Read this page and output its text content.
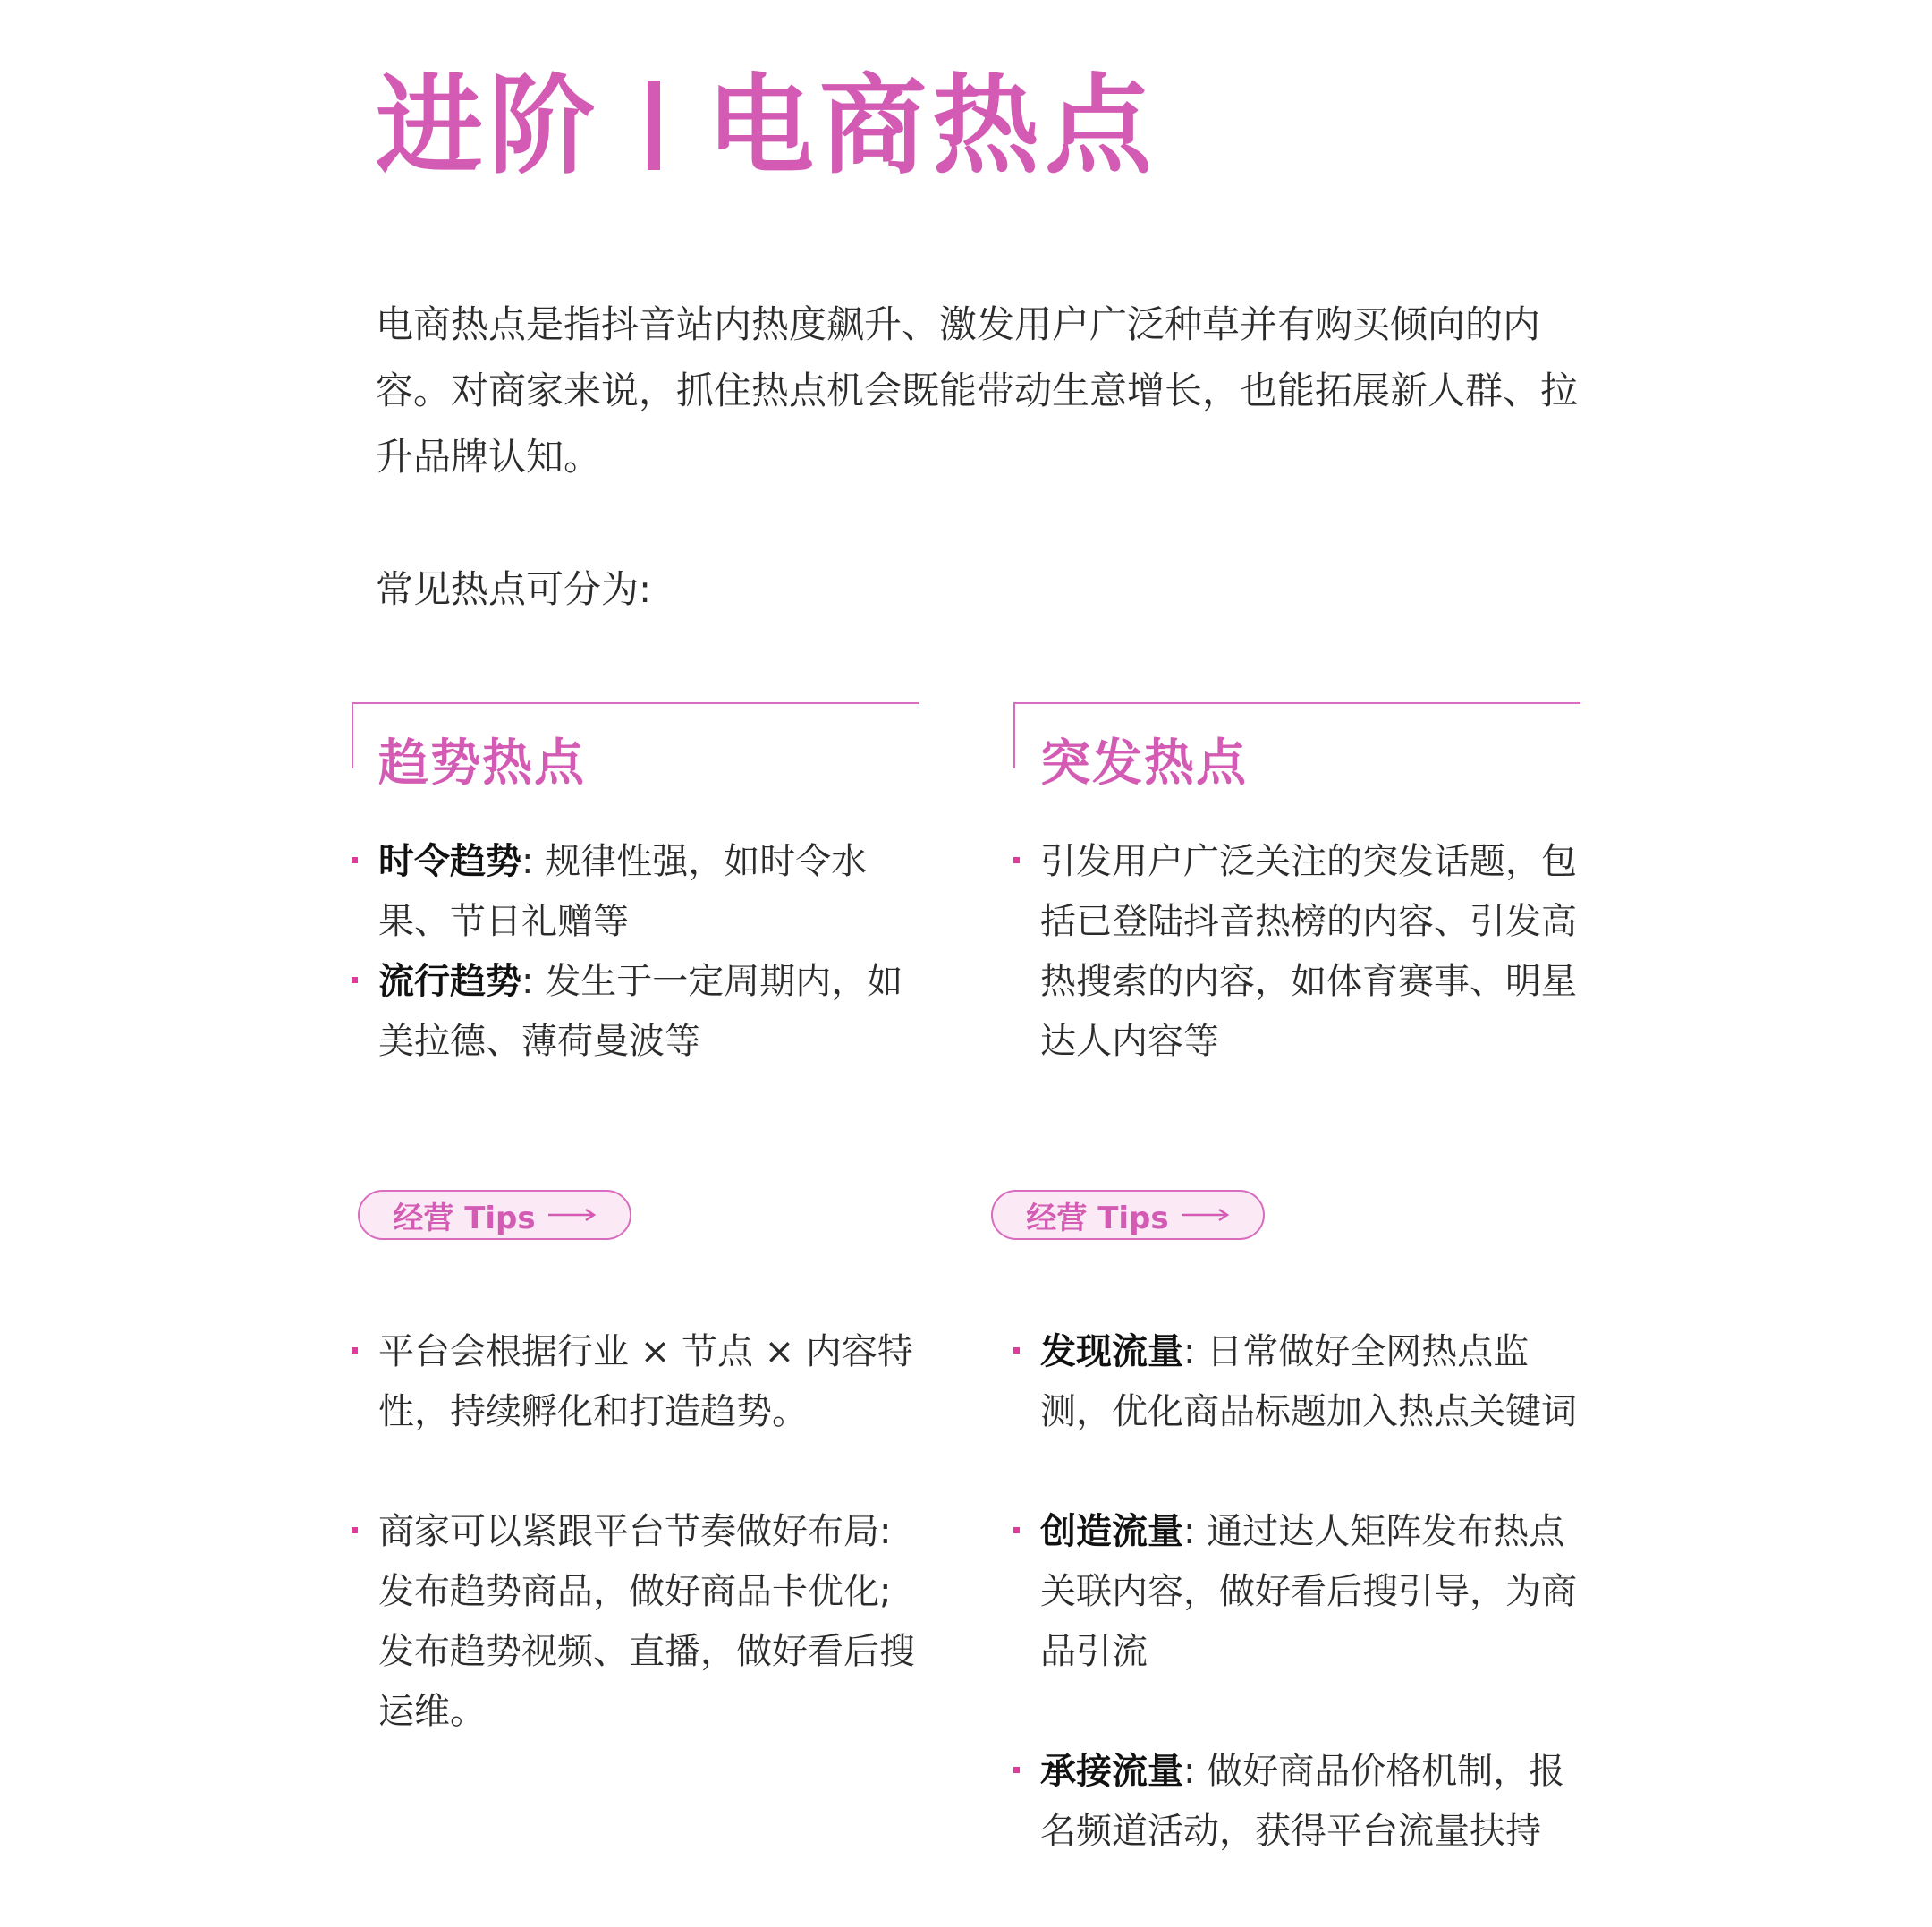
进阶 电商热点

电商热点是指抖音站内热度飙升、激发用户广泛种草并有购买倾向的内容。对商家来说，抓住热点机会既能带动生意增长，也能拓展新人群、拉升品牌认知。

常见热点可分为:

趋势热点
时令趋势: 规律性强，如时令水果、节日礼赠等
流行趋势: 发生于一定周期内，如美拉德、薄荷曼波等
经营 Tips
平台会根据行业 × 节点 × 内容特性，持续孵化和打造趋势。
商家可以紧跟平台节奏做好布局: 发布趋势商品，做好商品卡优化; 发布趋势视频、直播，做好看后搜运维。
突发热点
引发用户广泛关注的突发话题，包括已登陆抖音热榜的内容、引发高热搜索的内容，如体育赛事、明星达人内容等
经营 Tips
发现流量: 日常做好全网热点监测，优化商品标题加入热点关键词
创造流量: 通过达人矩阵发布热点关联内容，做好看后搜引导，为商品引流
承接流量: 做好商品价格机制，报名频道活动，获得平台流量扶持
